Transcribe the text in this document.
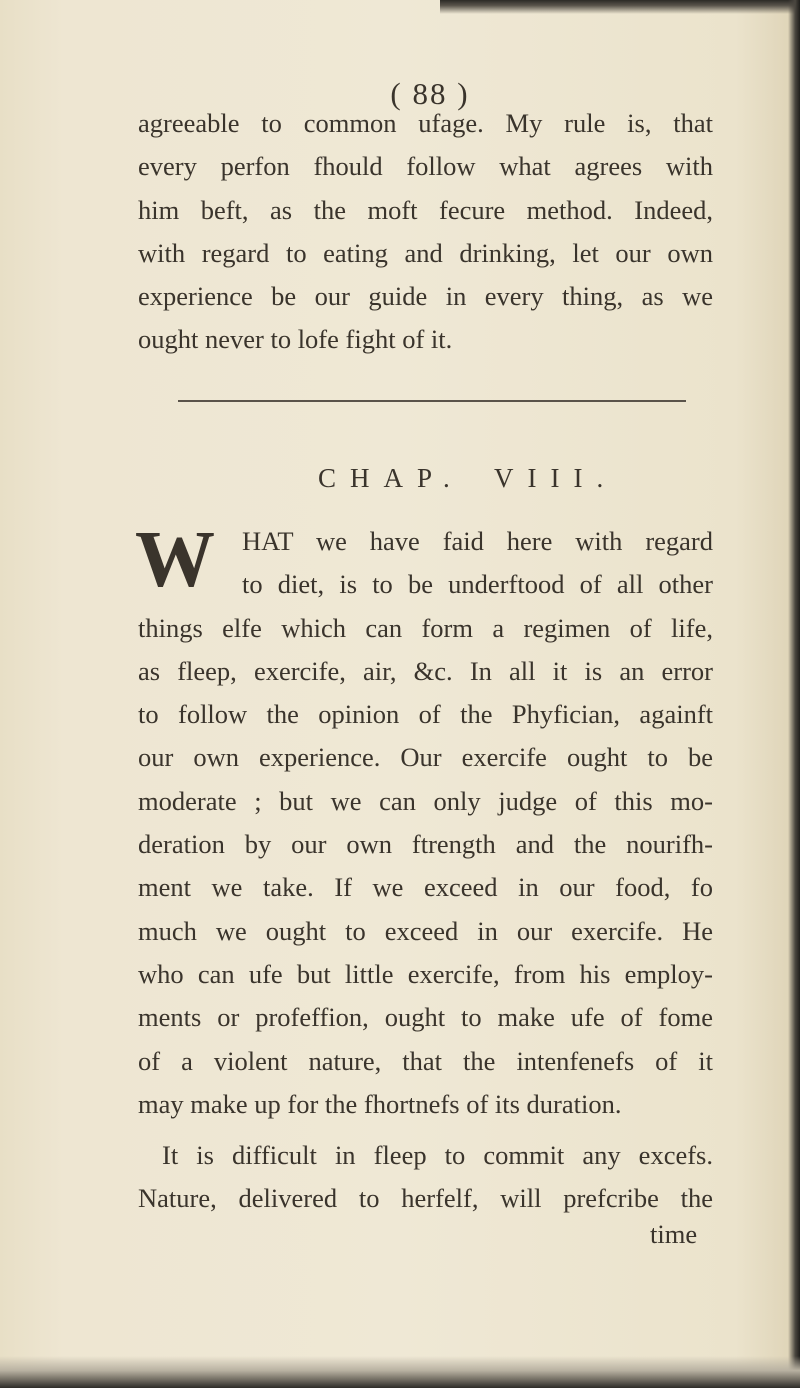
( 88 )
agreeable to common ufage. My rule is, that
every perfon fhould follow what agrees with
him beft, as the moft fecure method. Indeed,
with regard to eating and drinking, let our own
experience be our guide in every thing, as we
ought never to lofe fight of it.
CHAP. VIII.
W	HAT we have faid here with regard
to diet, is to be underftood of all other
things elfe which can form a regimen of life,
as fleep, exercife, air, &c. In all it is an error
to follow the opinion of the Phyfician, againft
our own experience. Our exercife ought to be
moderate ; but we can only judge of this mo-
deration by our own ftrength and the nourifh-
ment we take. If we exceed in our food, fo
much we ought to exceed in our exercife. He
who can ufe but little exercife, from his employ-
ments or profeffion, ought to make ufe of fome
of a violent nature, that the intenfenefs of it
may make up for the fhortnefs of its duration.
It is difficult in fleep to commit any excefs.
Nature, delivered to herfelf, will prefcribe the
time
